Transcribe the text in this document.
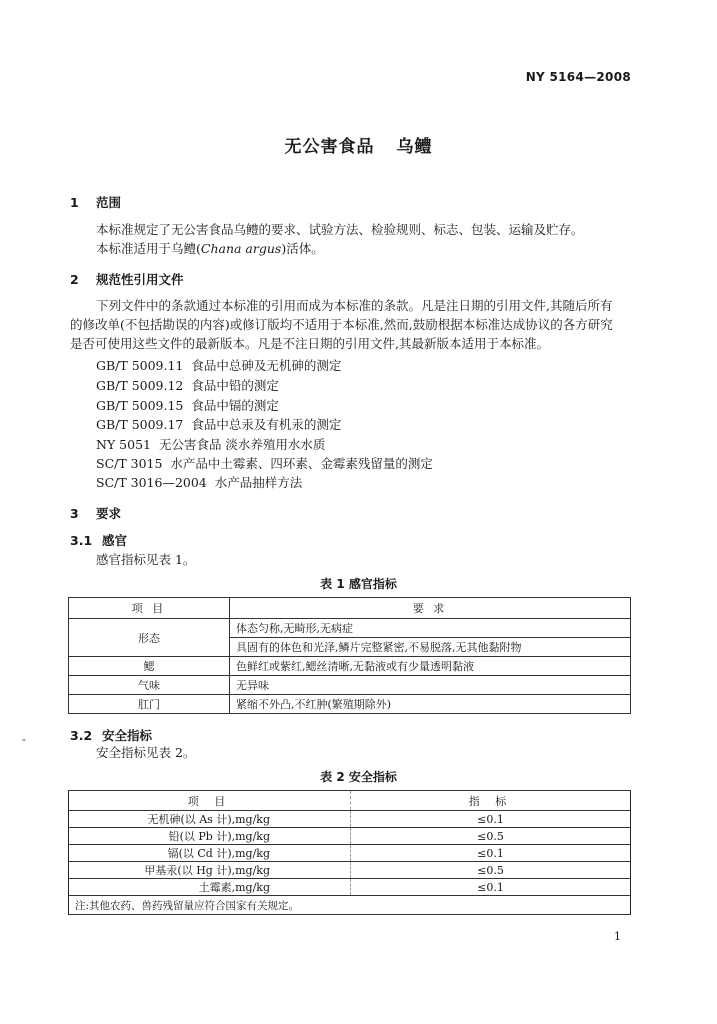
NY 5164—2008
无公害食品 乌鳢
1 范围
本标准规定了无公害食品乌鳢的要求、试验方法、检验规则、标志、包装、运输及贮存。
本标准适用于乌鳢(Chana argus)活体。
2 规范性引用文件
下列文件中的条款通过本标准的引用而成为本标准的条款。凡是注日期的引用文件,其随后所有
的修改单(不包括勘误的内容)或修订版均不适用于本标准,然而,鼓励根据本标准达成协议的各方研究
是否可使用这些文件的最新版本。凡是不注日期的引用文件,其最新版本适用于本标准。
GB/T 5009.11 食品中总砷及无机砷的测定
GB/T 5009.12 食品中铅的测定
GB/T 5009.15 食品中镉的测定
GB/T 5009.17 食品中总汞及有机汞的测定
NY 5051 无公害食品 淡水养殖用水水质
SC/T 3015 水产品中土霉素、四环素、金霉素残留量的测定
SC/T 3016—2004 水产品抽样方法
3 要求
3.1 感官
感官指标见表 1。
表 1 感官指标
项 目	要 求
形态	体态匀称,无畸形,无病症
	具固有的体色和光泽,鳞片完整紧密,不易脱落,无其他黏附物
鳃	色鲜红或紫红,鳃丝清晰,无黏液或有少量透明黏液
气味	无异味
肛门	紧缩不外凸,不红肿(繁殖期除外)
-	3.2 安全指标
安全指标见表 2。
表 2 安全指标
项 目	指 标
无机砷(以 As 计),mg/kg	≤0.1
铅(以 Pb 计),mg/kg	≤0.5
镉(以 Cd 计),mg/kg	≤0.1
甲基汞(以 Hg 计),mg/kg	≤0.5
土霉素,mg/kg	≤0.1
注:其他农药、兽药残留量应符合国家有关规定。	
1
